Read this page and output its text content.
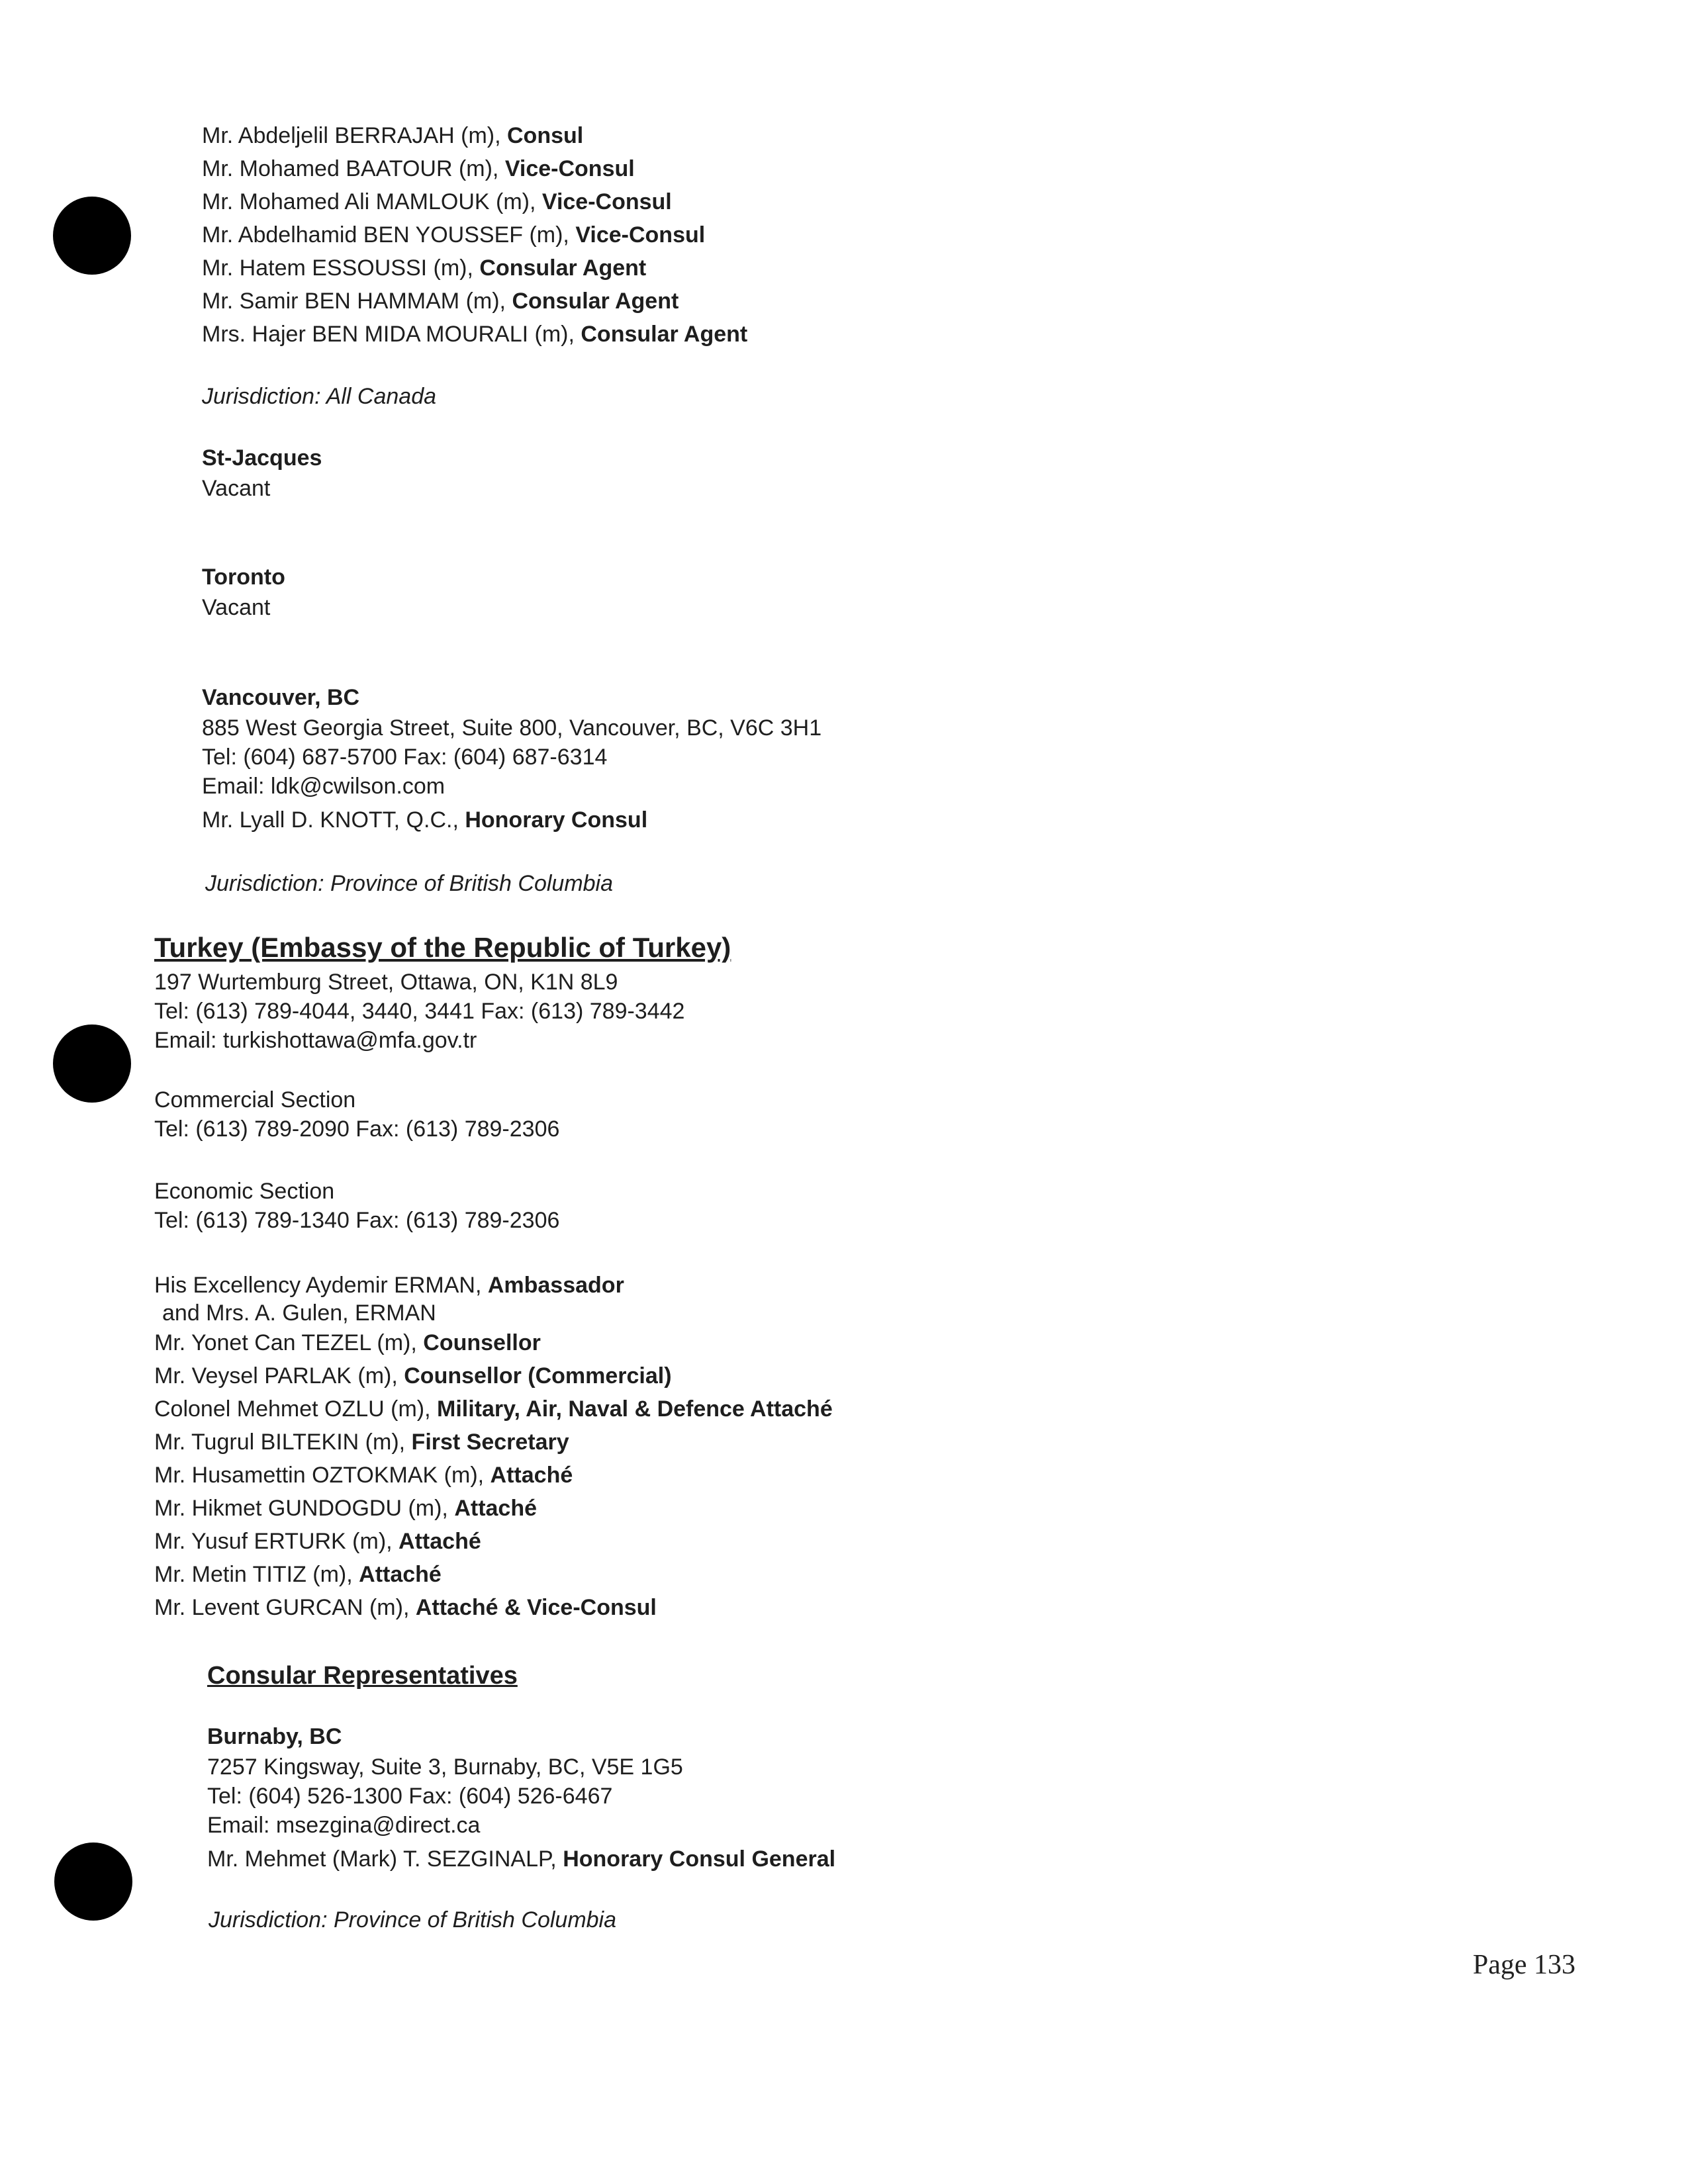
Mr. Abdeljelil BERRAJAH (m), Consul
Mr. Mohamed BAATOUR (m), Vice-Consul
Mr. Mohamed Ali MAMLOUK (m), Vice-Consul
Mr. Abdelhamid BEN YOUSSEF (m), Vice-Consul
Mr. Hatem ESSOUSSI (m), Consular Agent
Mr. Samir BEN HAMMAM (m), Consular Agent
Mrs. Hajer BEN MIDA MOURALI (m), Consular Agent
Jurisdiction: All Canada
St-Jacques
Vacant
Toronto
Vacant
Vancouver, BC
885 West Georgia Street, Suite 800, Vancouver, BC, V6C 3H1
Tel: (604) 687-5700 Fax: (604) 687-6314
Email: ldk@cwilson.com
Mr. Lyall D. KNOTT, Q.C., Honorary Consul
Jurisdiction: Province of British Columbia
Turkey (Embassy of the Republic of Turkey)
197 Wurtemburg Street, Ottawa, ON, K1N 8L9
Tel: (613) 789-4044, 3440, 3441 Fax: (613) 789-3442
Email: turkishottawa@mfa.gov.tr
Commercial Section
Tel: (613) 789-2090 Fax: (613) 789-2306
Economic Section
Tel: (613) 789-1340 Fax: (613) 789-2306
His Excellency Aydemir ERMAN, Ambassador
and Mrs. A. Gulen, ERMAN
Mr. Yonet Can TEZEL (m), Counsellor
Mr. Veysel PARLAK (m), Counsellor (Commercial)
Colonel Mehmet OZLU (m), Military, Air, Naval & Defence Attaché
Mr. Tugrul BILTEKIN (m), First Secretary
Mr. Husamettin OZTOKMAK (m), Attaché
Mr. Hikmet GUNDOGDU (m), Attaché
Mr. Yusuf ERTURK (m), Attaché
Mr. Metin TITIZ (m), Attaché
Mr. Levent GURCAN (m), Attaché & Vice-Consul
Consular Representatives
Burnaby, BC
7257 Kingsway, Suite 3, Burnaby, BC, V5E 1G5
Tel: (604) 526-1300 Fax: (604) 526-6467
Email: msezgina@direct.ca
Mr. Mehmet (Mark) T. SEZGINALP, Honorary Consul General
Jurisdiction: Province of British Columbia
Page 133
